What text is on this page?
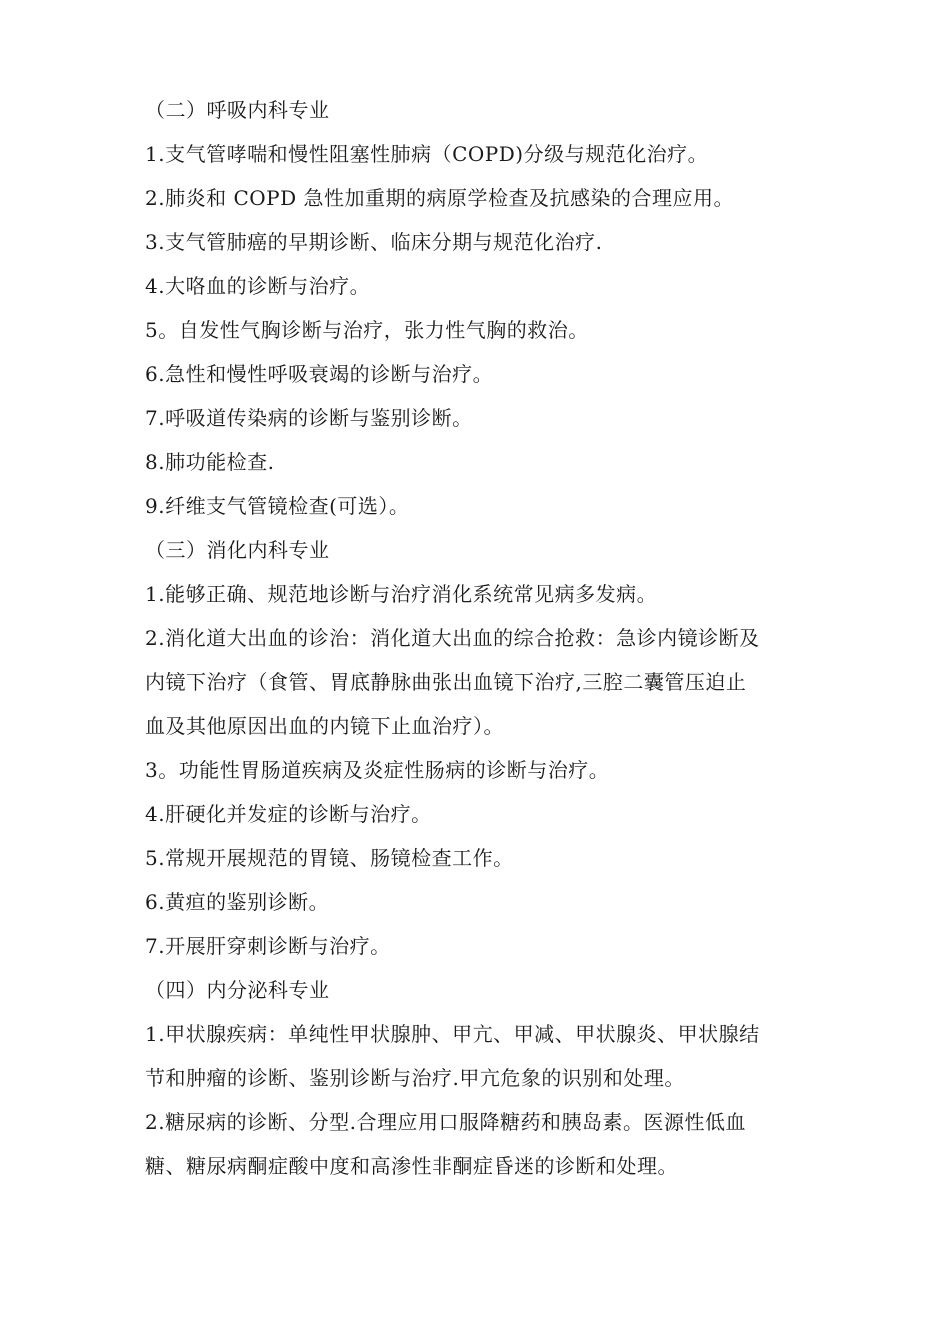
（二）呼吸内科专业
1.支气管哮喘和慢性阻塞性肺病（COPD)分级与规范化治疗。
2.肺炎和 COPD 急性加重期的病原学检查及抗感染的合理应用。
3.支气管肺癌的早期诊断、临床分期与规范化治疗.
4.大咯血的诊断与治疗。
5。自发性气胸诊断与治疗，张力性气胸的救治。
6.急性和慢性呼吸衰竭的诊断与治疗。
7.呼吸道传染病的诊断与鉴别诊断。
8.肺功能检查.
9.纤维支气管镜检查(可选）。
（三）消化内科专业
1.能够正确、规范地诊断与治疗消化系统常见病多发病。
2.消化道大出血的诊治：消化道大出血的综合抢救：急诊内镜诊断及
内镜下治疗（食管、胃底静脉曲张出血镜下治疗,三腔二囊管压迫止
血及其他原因出血的内镜下止血治疗）。
3。功能性胃肠道疾病及炎症性肠病的诊断与治疗。
4.肝硬化并发症的诊断与治疗。
5.常规开展规范的胃镜、肠镜检查工作。
6.黄疸的鉴别诊断。
7.开展肝穿刺诊断与治疗。
（四）内分泌科专业
1.甲状腺疾病：单纯性甲状腺肿、甲亢、甲减、甲状腺炎、甲状腺结
节和肿瘤的诊断、鉴别诊断与治疗.甲亢危象的识别和处理。
2.糖尿病的诊断、分型.合理应用口服降糖药和胰岛素。医源性低血
糖、糖尿病酮症酸中度和高渗性非酮症昏迷的诊断和处理。
